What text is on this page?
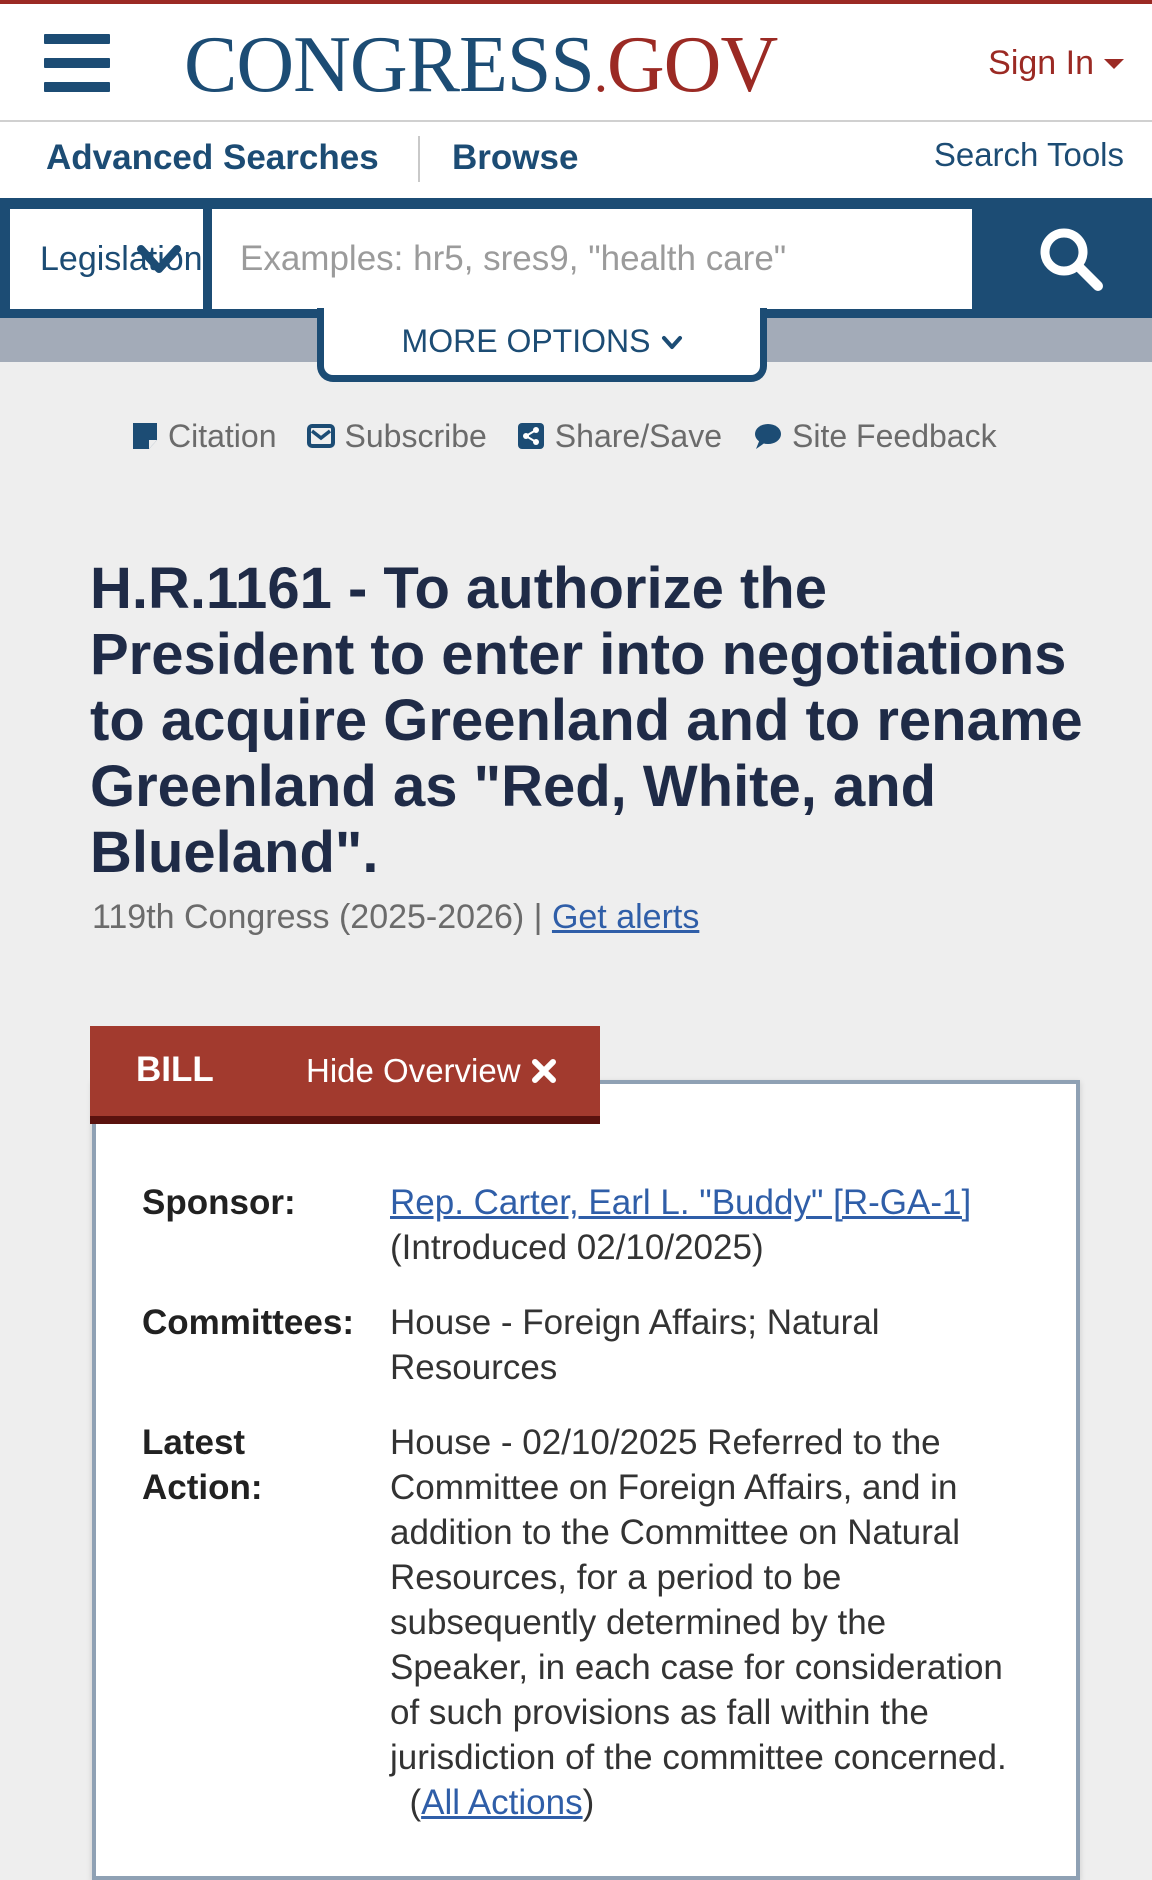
CONGRESS.GOV	Sign In
Advanced Searches Browse	Search Tools
Legislation
Examples: hr5, sres9, "health care"
MORE OPTIONS
Citation Subscribe Share/Save Site Feedback
H.R.1161 - To authorize the President to enter into negotiations to acquire Greenland and to rename Greenland as "Red, White, and Blueland".
119th Congress (2025-2026) | Get alerts
BILL	Hide Overview
Sponsor:	Rep. Carter, Earl L. "Buddy" [R-GA-1]
(Introduced 02/10/2025)
Committees:	House - Foreign Affairs; Natural Resources
Latest
Action:
House - 02/10/2025 Referred to the Committee on Foreign Affairs, and in addition to the Committee on Natural Resources, for a period to be subsequently determined by the Speaker, in each case for consideration of such provisions as fall within the jurisdiction of the committee concerned.  (All Actions)
